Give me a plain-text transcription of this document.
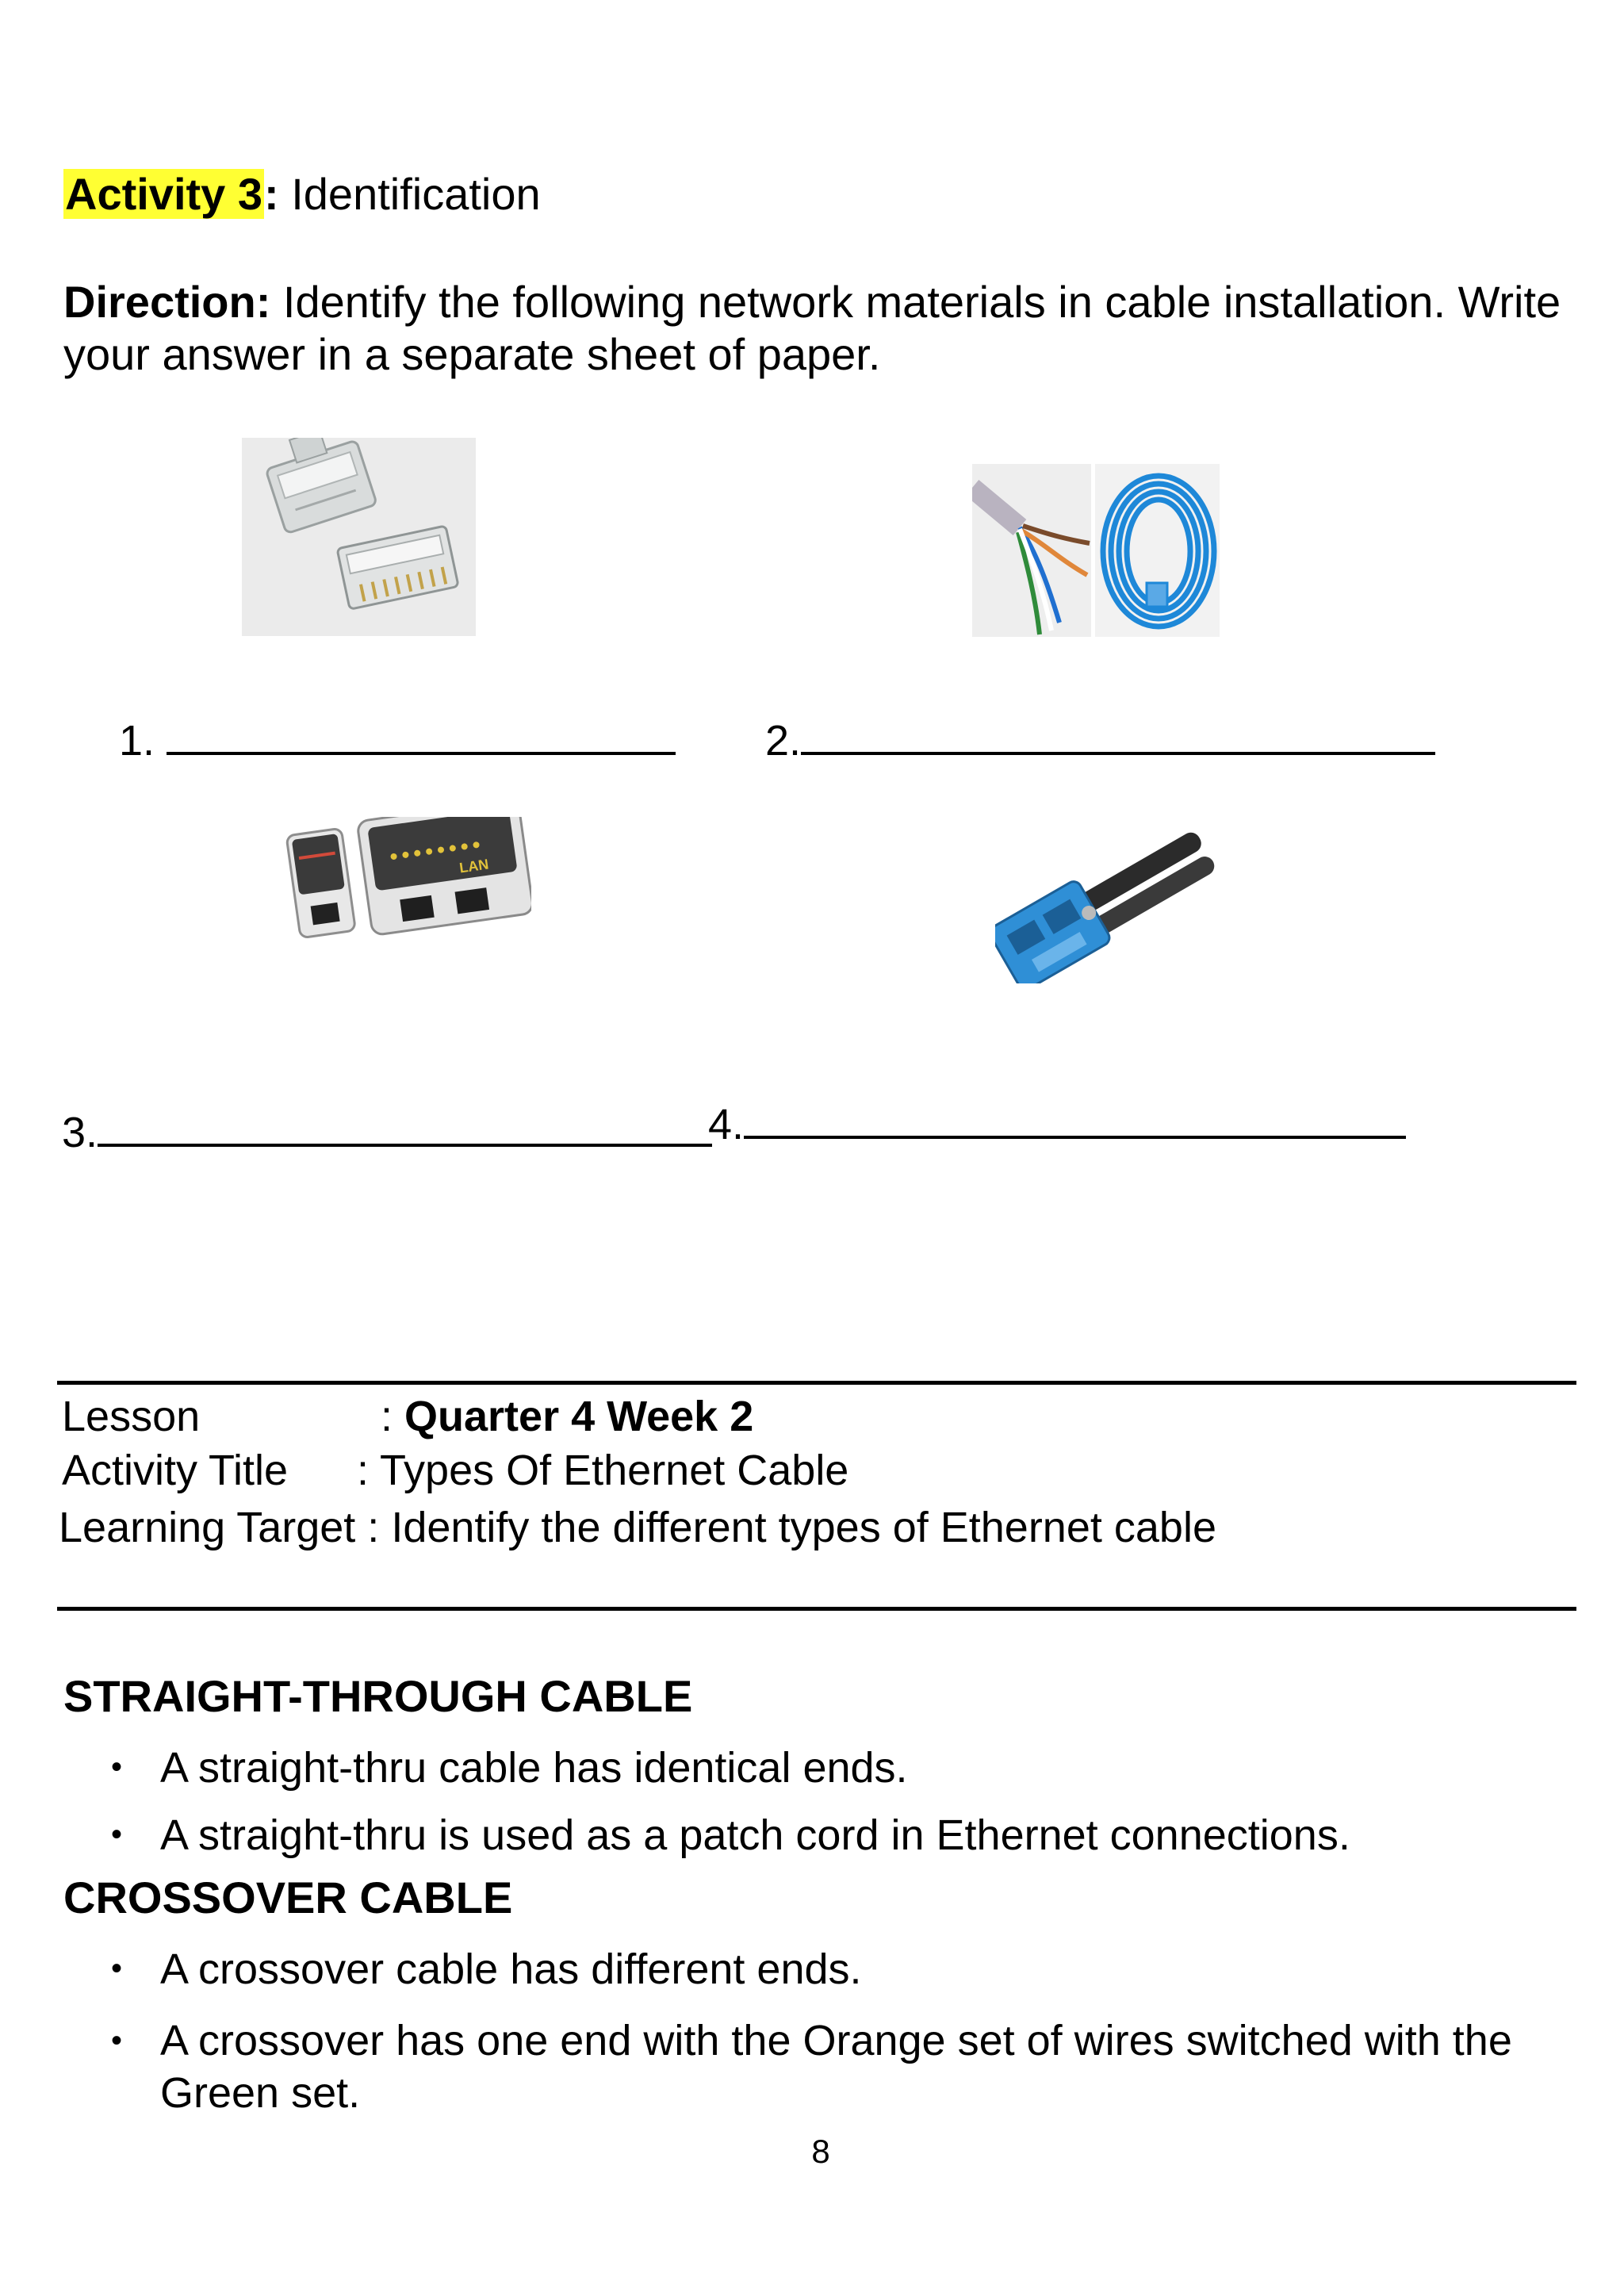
Activity 3: Identification
Direction: Identify the following network materials in cable installation. Write your answer in a separate sheet of paper.
1.	2.
LAN
3.	4.
Lesson	: Quarter 4 Week 2
Activity Title : Types Of Ethernet Cable
Learning Target : Identify the different types of Ethernet cable
STRAIGHT-THROUGH CABLE
• A straight-thru cable has identical ends.
• A straight-thru is used as a patch cord in Ethernet connections.
CROSSOVER CABLE
• A crossover cable has different ends.
• A crossover has one end with the Orange set of wires switched with the Green set.
8
